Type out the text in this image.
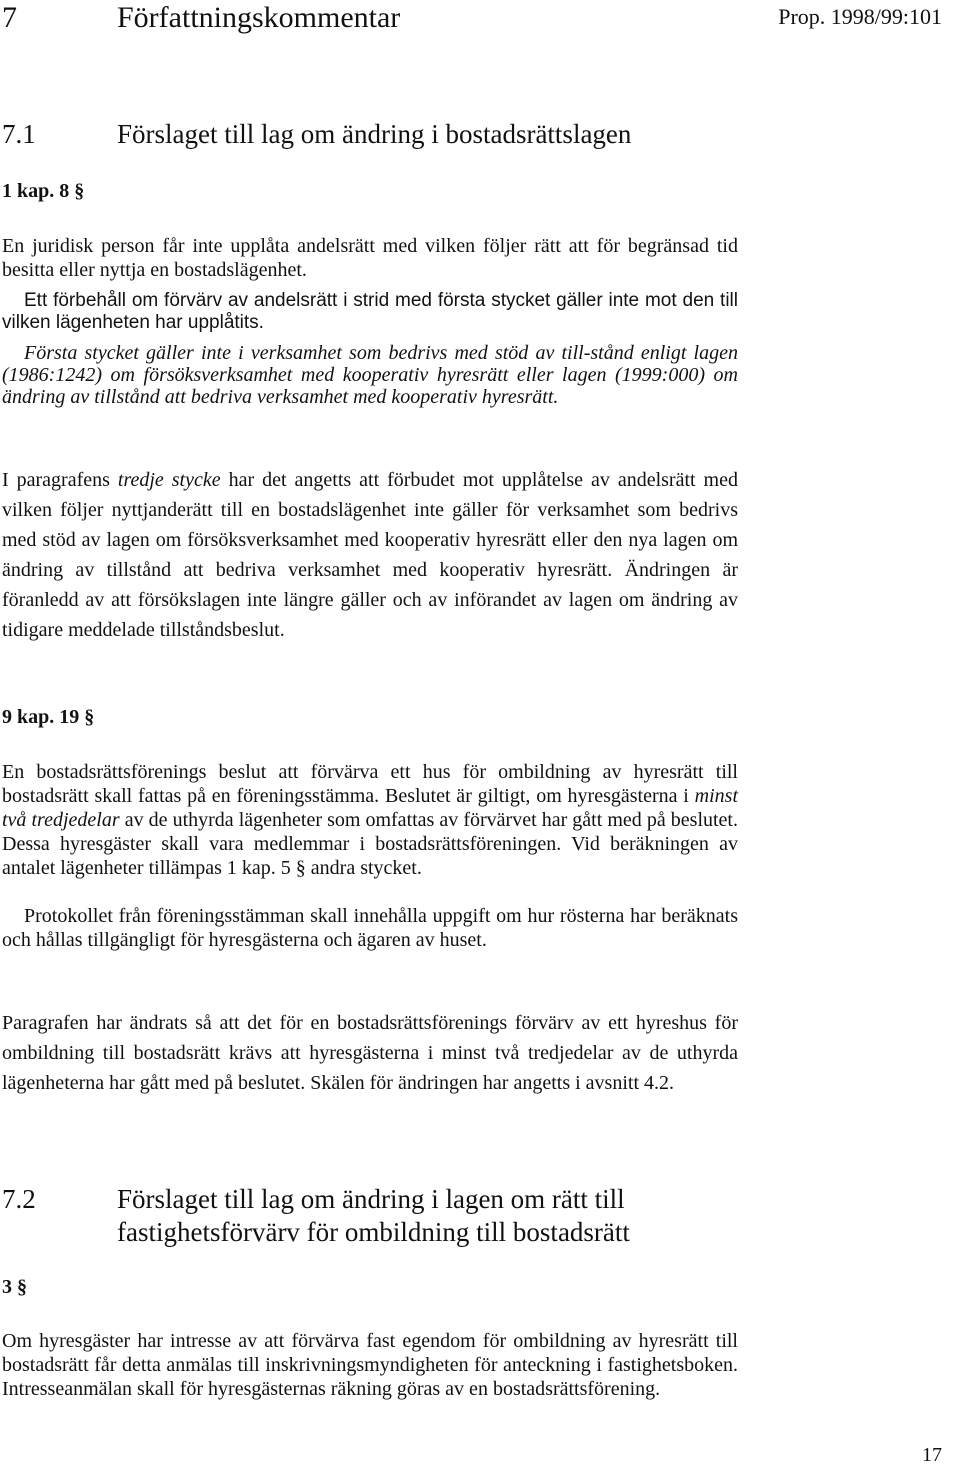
7	Författningskommentar	Prop. 1998/99:101
7.1	Förslaget till lag om ändring i bostadsrättslagen
1 kap. 8 §

En juridisk person får inte upplåta andelsrätt med vilken följer rätt att för begränsad tid besitta eller nyttja en bostadslägenhet.

Ett förbehåll om förvärv av andelsrätt i strid med första stycket gäller inte mot den till vilken lägenheten har upplåtits.

Första stycket gäller inte i verksamhet som bedrivs med stöd av till-stånd enligt lagen (1986:1242) om försöksverksamhet med kooperativ hyresrätt eller lagen (1999:000) om ändring av tillstånd att bedriva verksamhet med kooperativ hyresrätt.

I paragrafens tredje stycke har det angetts att förbudet mot upplåtelse av andelsrätt med vilken följer nyttjanderätt till en bostadslägenhet inte gäller för verksamhet som bedrivs med stöd av lagen om försöksverksamhet med kooperativ hyresrätt eller den nya lagen om ändring av tillstånd att bedriva verksamhet med kooperativ hyresrätt. Ändringen är föranledd av att försökslagen inte längre gäller och av införandet av lagen om ändring av tidigare meddelade tillståndsbeslut.

9 kap. 19 §

En bostadsrättsförenings beslut att förvärva ett hus för ombildning av hyresrätt till bostadsrätt skall fattas på en föreningsstämma. Beslutet är giltigt, om hyresgästerna i minst två tredjedelar av de uthyrda lägenheter som omfattas av förvärvet har gått med på beslutet. Dessa hyresgäster skall vara medlemmar i bostadsrättsföreningen. Vid beräkningen av antalet lägenheter tillämpas 1 kap. 5 § andra stycket.

Protokollet från föreningsstämman skall innehålla uppgift om hur rösterna har beräknats och hållas tillgängligt för hyresgästerna och ägaren av huset.

Paragrafen har ändrats så att det för en bostadsrättsförenings förvärv av ett hyreshus för ombildning till bostadsrätt krävs att hyresgästerna i minst två tredjedelar av de uthyrda lägenheterna har gått med på beslutet. Skälen för ändringen har angetts i avsnitt 4.2.

7.2	Förslaget till lag om ändring i lagen om rätt till fastighetsförvärv för ombildning till bostadsrätt
3 §

Om hyresgäster har intresse av att förvärva fast egendom för ombildning av hyresrätt till bostadsrätt får detta anmälas till inskrivningsmyndigheten för anteckning i fastighetsboken. Intresseanmälan skall för hyresgästernas räkning göras av en bostadsrättsförening.

17
